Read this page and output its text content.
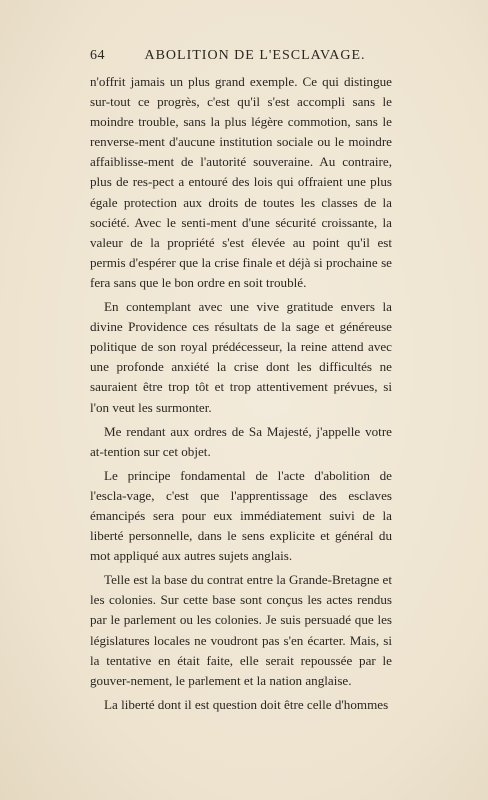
64	ABOLITION DE L'ESCLAVAGE.

n'offrit jamais un plus grand exemple. Ce qui distingue sur-tout ce progrès, c'est qu'il s'est accompli sans le moindre trouble, sans la plus légère commotion, sans le renverse-ment d'aucune institution sociale ou le moindre affaiblisse-ment de l'autorité souveraine. Au contraire, plus de res-pect a entouré des lois qui offraient une plus égale protection aux droits de toutes les classes de la société. Avec le senti-ment d'une sécurité croissante, la valeur de la propriété s'est élevée au point qu'il est permis d'espérer que la crise finale et déjà si prochaine se fera sans que le bon ordre en soit troublé.

En contemplant avec une vive gratitude envers la divine Providence ces résultats de la sage et généreuse politique de son royal prédécesseur, la reine attend avec une profonde anxiété la crise dont les difficultés ne sauraient être trop tôt et trop attentivement prévues, si l'on veut les surmonter.

Me rendant aux ordres de Sa Majesté, j'appelle votre at-tention sur cet objet.

Le principe fondamental de l'acte d'abolition de l'escla-vage, c'est que l'apprentissage des esclaves émancipés sera pour eux immédiatement suivi de la liberté personnelle, dans le sens explicite et général du mot appliqué aux autres sujets anglais.

Telle est la base du contrat entre la Grande-Bretagne et les colonies. Sur cette base sont conçus les actes rendus par le parlement ou les colonies. Je suis persuadé que les législatures locales ne voudront pas s'en écarter. Mais, si la tentative en était faite, elle serait repoussée par le gouver-nement, le parlement et la nation anglaise.

La liberté dont il est question doit être celle d'hommes
